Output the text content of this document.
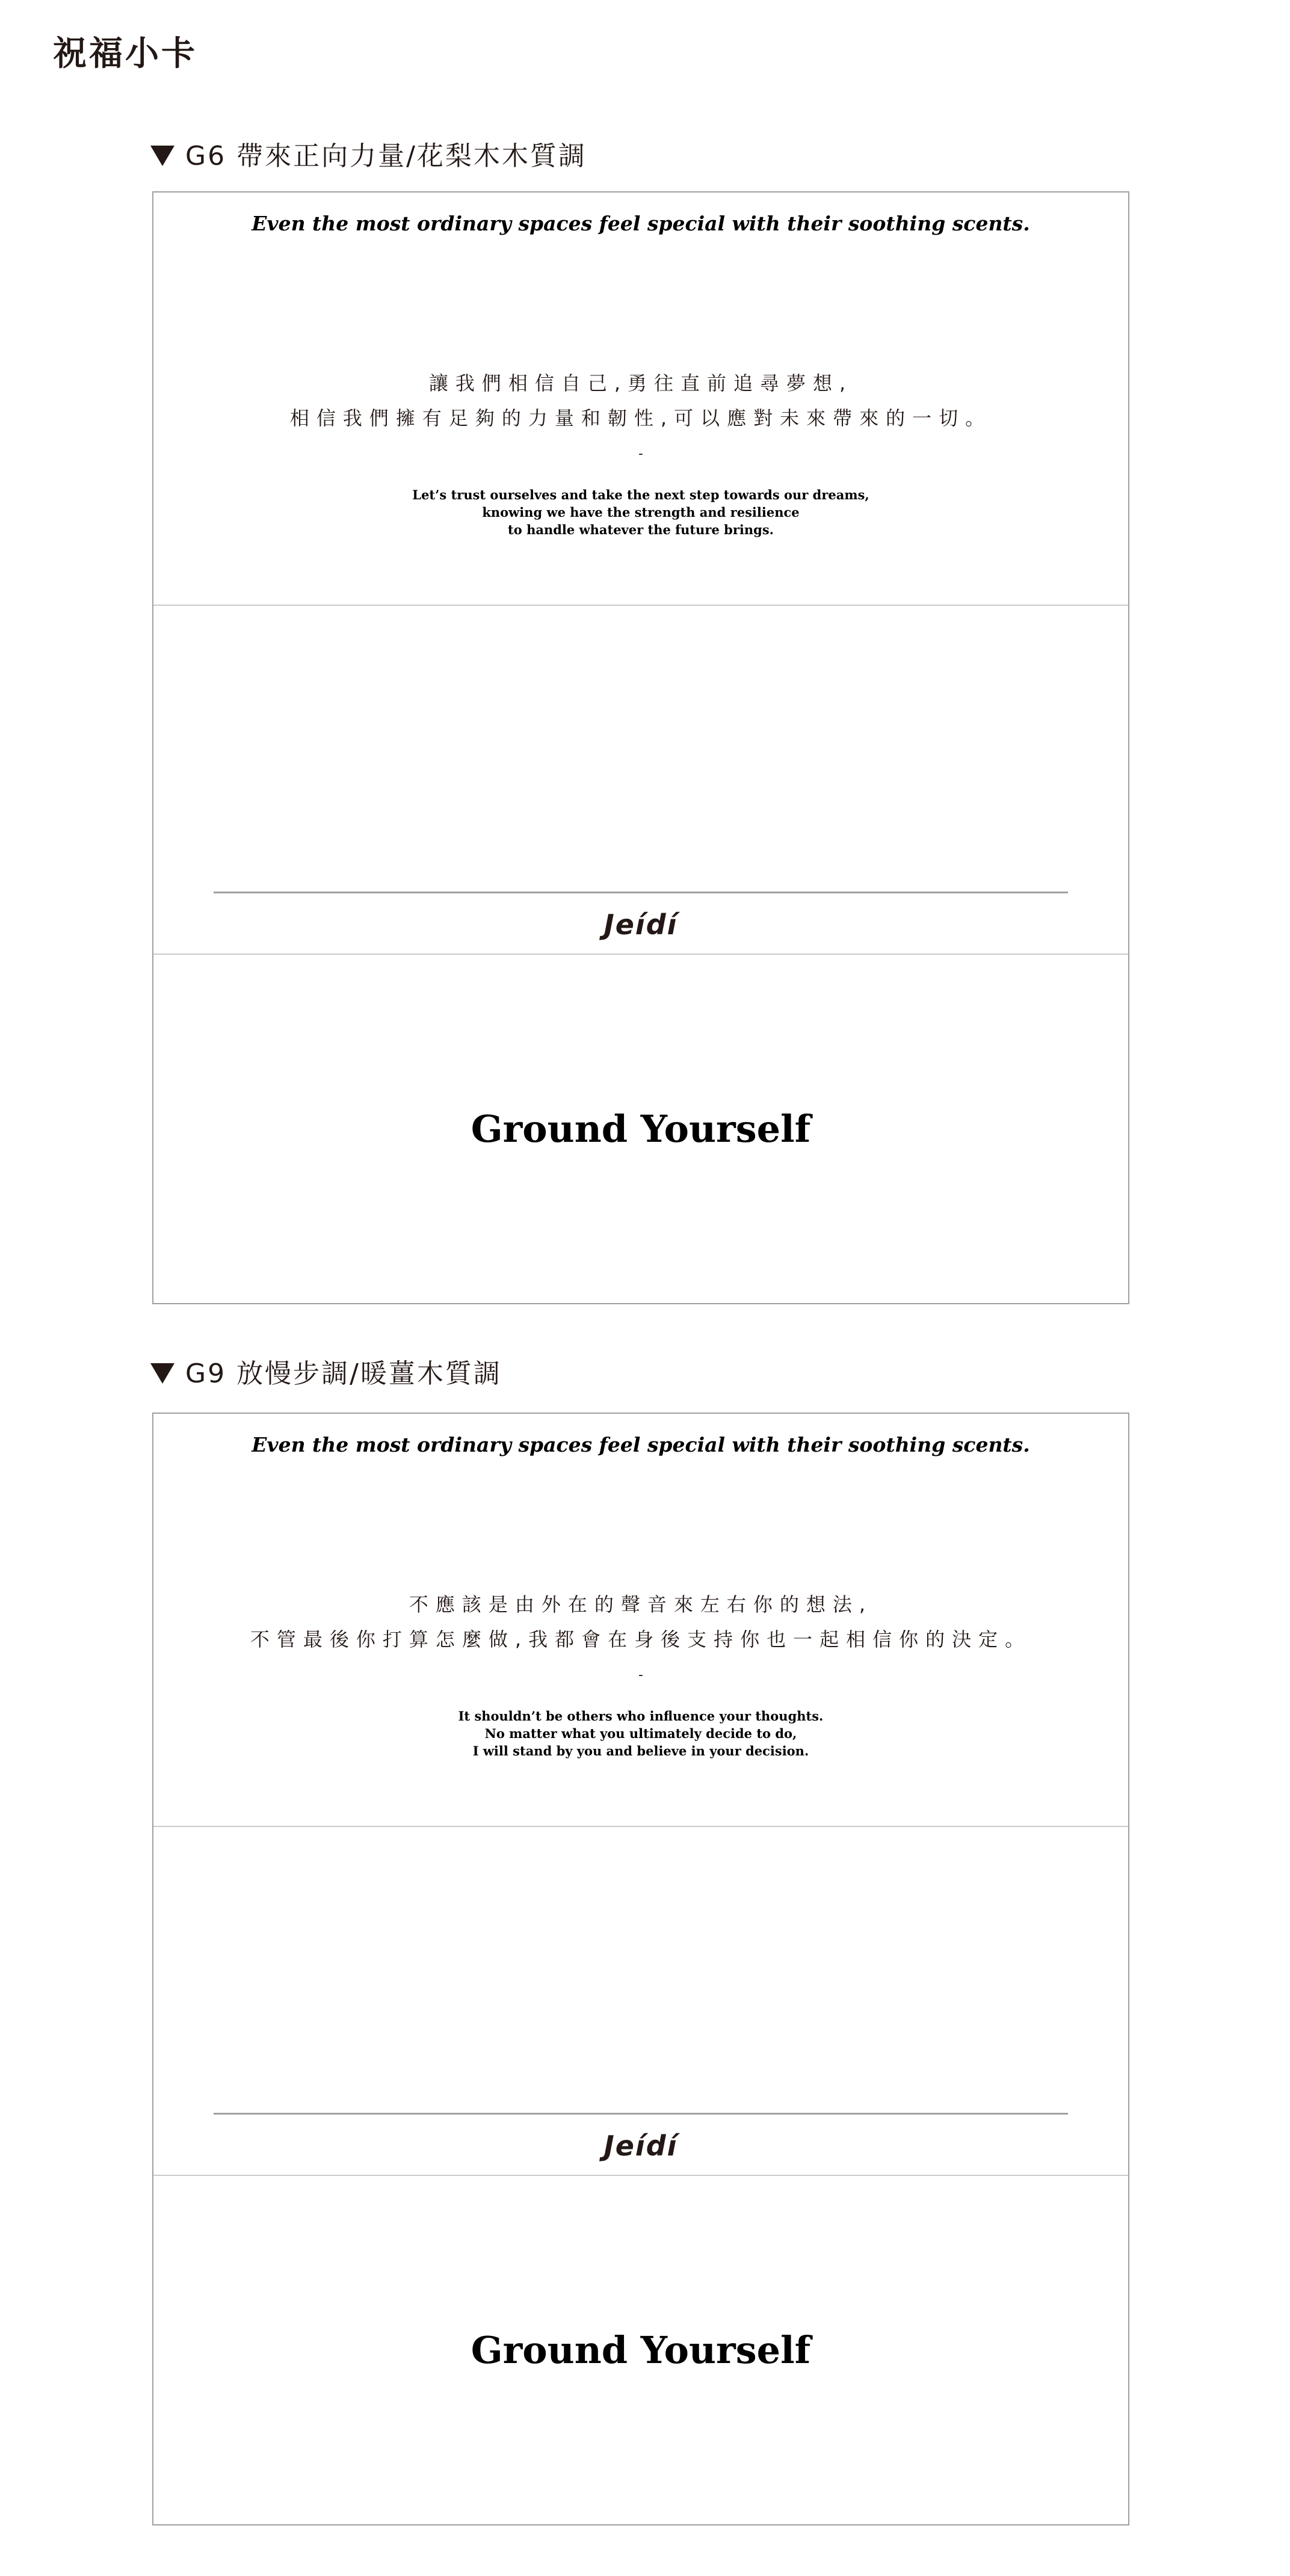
祝福小卡
G6 帶來正向力量/花梨木木質調
Even the most ordinary spaces feel special with their soothing scents.
讓我們相信自己,勇往直前追尋夢想,
相信我們擁有足夠的力量和韌性,可以應對未來帶來的一切。
-
Let’s trust ourselves and take the next step towards our dreams,
knowing we have the strength and resilience
to handle whatever the future brings.
Jeídí
Ground Yourself
G9 放慢步調/暖薑木質調
Even the most ordinary spaces feel special with their soothing scents.
不應該是由外在的聲音來左右你的想法,
不管最後你打算怎麼做,我都會在身後支持你也一起相信你的決定。
-
It shouldn’t be others who influence your thoughts.
No matter what you ultimately decide to do,
I will stand by you and believe in your decision.
Jeídí
Ground Yourself
